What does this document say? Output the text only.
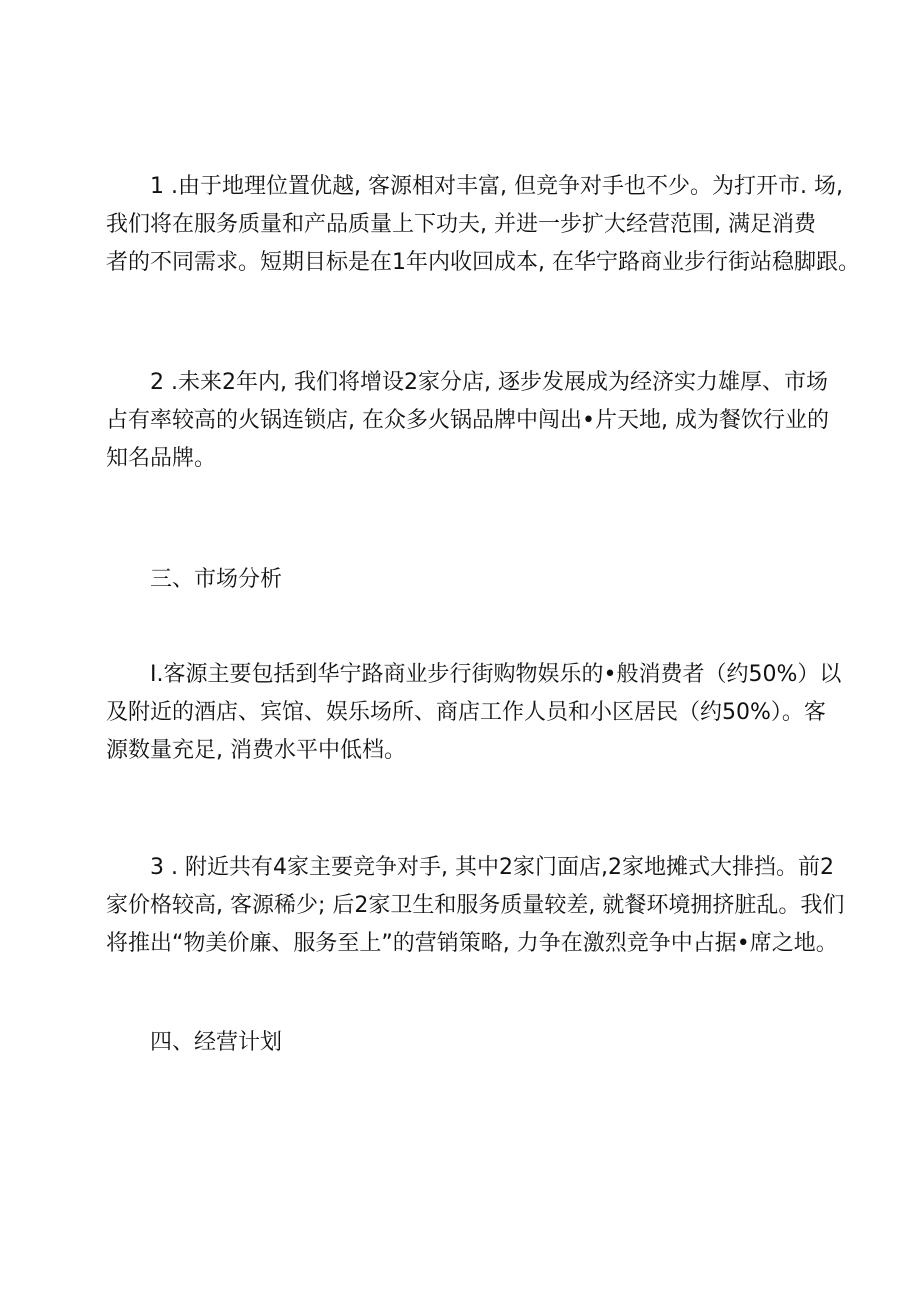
1 .由于地理位置优越, 客源相对丰富, 但竞争对手也不少。为打开市. 场,
我们将在服务质量和产品质量上下功夫, 并进一步扩大经营范围, 满足消费
者的不同需求。短期目标是在1年内收回成本, 在华宁路商业步行街站稳脚跟。

2 .未来2年内, 我们将增设2家分店, 逐步发展成为经济实力雄厚、市场
占有率较高的火锅连锁店, 在众多火锅品牌中闯出•片天地, 成为餐饮行业的
知名品牌。

三、市场分析

I.客源主要包括到华宁路商业步行街购物娱乐的•般消费者（约50%）以
及附近的酒店、宾馆、娱乐场所、商店工作人员和小区居民（约50%）。客
源数量充足, 消费水平中低档。

3 . 附近共有4家主要竞争对手, 其中2家门面店,2家地摊式大排挡。前2
家价格较高, 客源稀少; 后2家卫生和服务质量较差, 就餐环境拥挤脏乱。我们
将推出“物美价廉、服务至上”的营销策略, 力争在激烈竞争中占据•席之地。

四、经营计划
